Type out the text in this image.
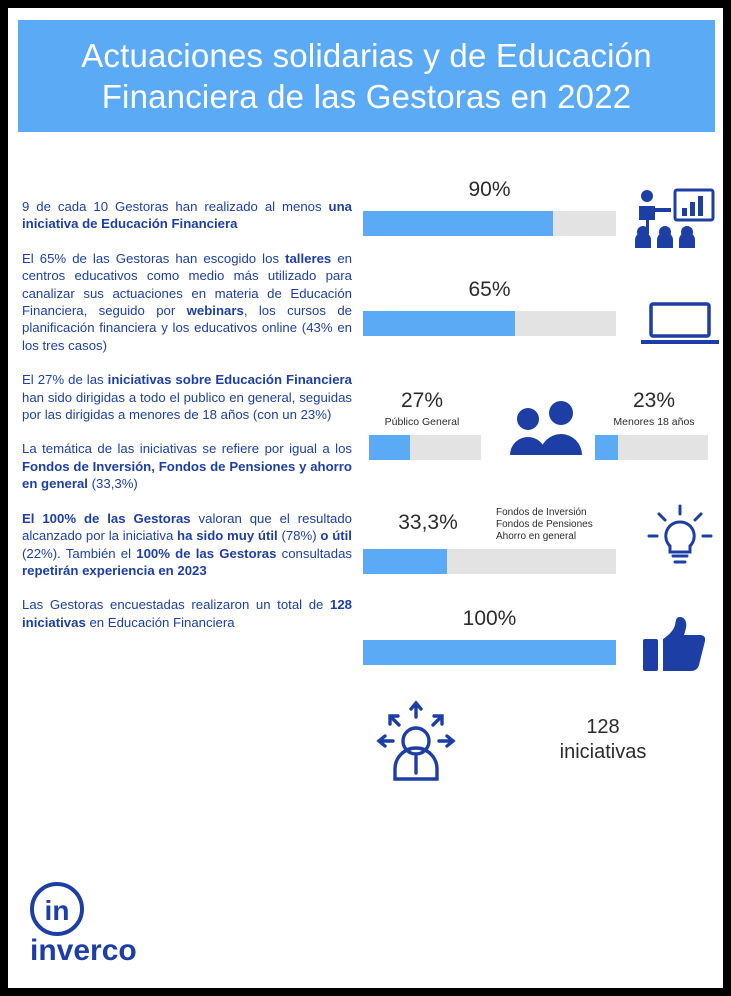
Actuaciones solidarias y de Educación Financiera de las Gestoras en 2022
9 de cada 10 Gestoras han realizado al menos una iniciativa de Educación Financiera
El 65% de las Gestoras han escogido los talleres en centros educativos como medio más utilizado para canalizar sus actuaciones en materia de Educación Financiera, seguido por webinars, los cursos de planificación financiera y los educativos online (43% en los tres casos)
El 27% de las iniciativas sobre Educación Financiera han sido dirigidas a todo el publico en general, seguidas por las dirigidas a menores de 18 años (con un 23%)
La temática de las iniciativas se refiere por igual a los Fondos de Inversión, Fondos de Pensiones y ahorro en general (33,3%)
El 100% de las Gestoras valoran que el resultado alcanzado por la iniciativa ha sido muy útil (78%) o útil (22%). También el 100% de las Gestoras consultadas repetirán experiencia en 2023
Las Gestoras encuestadas realizaron un total de 128 iniciativas en Educación Financiera
90%
65%
27%
Público General
23%
Menores 18 años
33,3%	Fondos de Inversión
Fondos de Pensiones
Ahorro en general
100%
128
iniciativas
in
inverco
